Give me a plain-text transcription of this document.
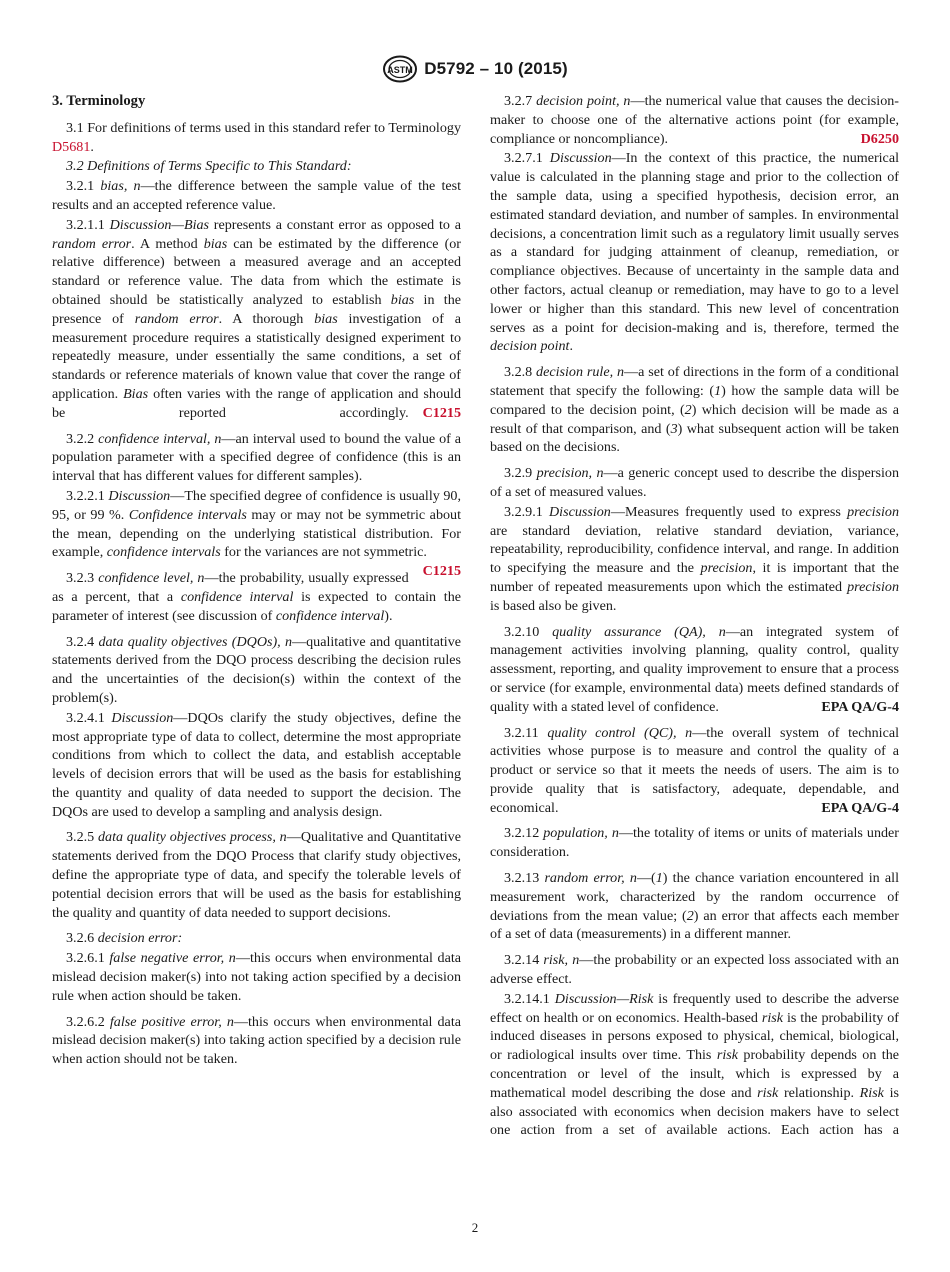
ASTM D5792 – 10 (2015)

3. Terminology

3.1 For definitions of terms used in this standard refer to Terminology D5681.

3.2 Definitions of Terms Specific to This Standard:

3.2.1 bias, n—the difference between the sample value of the test results and an accepted reference value.

3.2.1.1 Discussion—Bias represents a constant error as opposed to a random error. A method bias can be estimated by the difference (or relative difference) between a measured average and an accepted standard or reference value. The data from which the estimate is obtained should be statistically analyzed to establish bias in the presence of random error. A thorough bias investigation of a measurement procedure requires a statistically designed experiment to repeatedly measure, under essentially the same conditions, a set of standards or reference materials of known value that cover the range of application. Bias often varies with the range of application and should be reported accordingly. C1215

3.2.2 confidence interval, n—an interval used to bound the value of a population parameter with a specified degree of confidence (this is an interval that has different values for different samples).

3.2.2.1 Discussion—The specified degree of confidence is usually 90, 95, or 99 %. Confidence intervals may or may not be symmetric about the mean, depending on the underlying statistical distribution. For example, confidence intervals for the variances are not symmetric.
C1215

3.2.3 confidence level, n—the probability, usually expressed as a percent, that a confidence interval is expected to contain the parameter of interest (see discussion of confidence interval).

3.2.4 data quality objectives (DQOs), n—qualitative and quantitative statements derived from the DQO process describing the decision rules and the uncertainties of the decision(s) within the context of the problem(s).

3.2.4.1 Discussion—DQOs clarify the study objectives, define the most appropriate type of data to collect, determine the most appropriate conditions from which to collect the data, and establish acceptable levels of decision errors that will be used as the basis for establishing the quantity and quality of data needed to support the decision. The DQOs are used to develop a sampling and analysis design.

3.2.5 data quality objectives process, n—Qualitative and Quantitative statements derived from the DQO Process that clarify study objectives, define the appropriate type of data, and specify the tolerable levels of potential decision errors that will be used as the basis for establishing the quality and quantity of data needed to support decisions.

3.2.6 decision error:

3.2.6.1 false negative error, n—this occurs when environmental data mislead decision maker(s) into not taking action specified by a decision rule when action should be taken.

3.2.6.2 false positive error, n—this occurs when environmental data mislead decision maker(s) into taking action specified by a decision rule when action should not be taken.

3.2.7 decision point, n—the numerical value that causes the decision-maker to choose one of the alternative actions point (for example, compliance or noncompliance).	D6250

3.2.7.1 Discussion—In the context of this practice, the numerical value is calculated in the planning stage and prior to the collection of the sample data, using a specified hypothesis, decision error, an estimated standard deviation, and number of samples. In environmental decisions, a concentration limit such as a regulatory limit usually serves as a standard for judging attainment of cleanup, remediation, or compliance objectives. Because of uncertainty in the sample data and other factors, actual cleanup or remediation, may have to go to a level lower or higher than this standard. This new level of concentration serves as a point for decision-making and is, therefore, termed the decision point.

3.2.8 decision rule, n—a set of directions in the form of a conditional statement that specify the following: (1) how the sample data will be compared to the decision point, (2) which decision will be made as a result of that comparison, and (3) what subsequent action will be taken based on the decisions.

3.2.9 precision, n—a generic concept used to describe the dispersion of a set of measured values.

3.2.9.1 Discussion—Measures frequently used to express precision are standard deviation, relative standard deviation, variance, repeatability, reproducibility, confidence interval, and range. In addition to specifying the measure and the precision, it is important that the number of repeated measurements upon which the estimated precision is based also be given.

3.2.10 quality assurance (QA), n—an integrated system of management activities involving planning, quality control, quality assessment, reporting, and quality improvement to ensure that a process or service (for example, environmental data) meets defined standards of quality with a stated level of confidence.	EPA QA/G-4

3.2.11 quality control (QC), n—the overall system of technical activities whose purpose is to measure and control the quality of a product or service so that it meets the needs of users. The aim is to provide quality that is satisfactory, adequate, dependable, and economical.	EPA QA/G-4

3.2.12 population, n—the totality of items or units of materials under consideration.

3.2.13 random error, n—(1) the chance variation encountered in all measurement work, characterized by the random occurrence of deviations from the mean value; (2) an error that affects each member of a set of data (measurements) in a different manner.

3.2.14 risk, n—the probability or an expected loss associated with an adverse effect.

3.2.14.1 Discussion—Risk is frequently used to describe the adverse effect on health or on economics. Health-based risk is the probability of induced diseases in persons exposed to physical, chemical, biological, or radiological insults over time. This risk probability depends on the concentration or level of the insult, which is expressed by a mathematical model describing the dose and risk relationship. Risk is also associated with economics when decision makers have to select one action from a set of available actions. Each action has a

2
